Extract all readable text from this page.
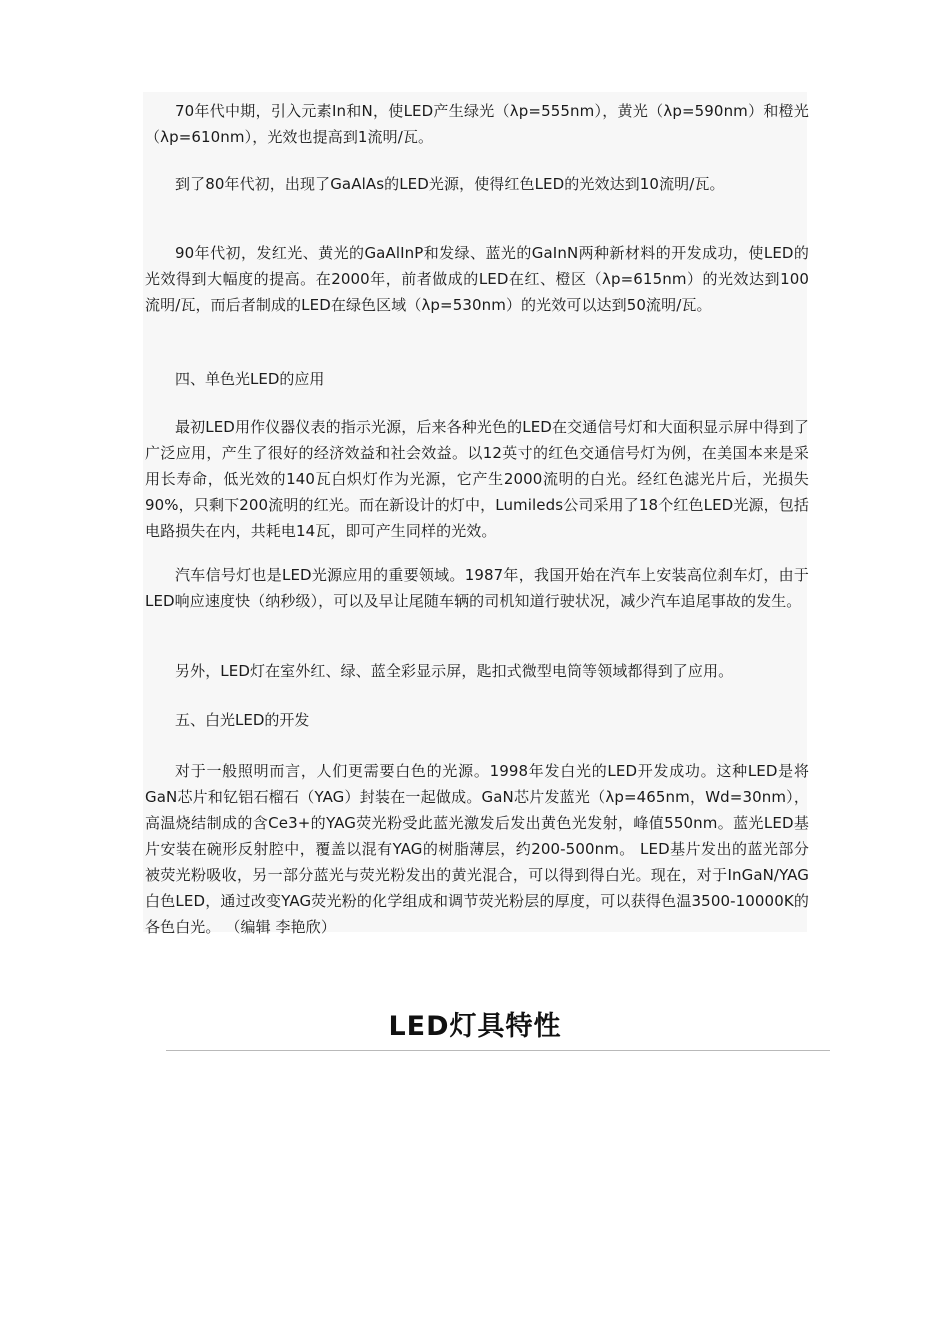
70年代中期，引入元素In和N，使LED产生绿光（λp=555nm），黄光（λp=590nm）和橙光（λp=610nm），光效也提高到1流明/瓦。

到了80年代初，出现了GaAlAs的LED光源，使得红色LED的光效达到10流明/瓦。

90年代初，发红光、黄光的GaAlInP和发绿、蓝光的GaInN两种新材料的开发成功，使LED的光效得到大幅度的提高。在2000年，前者做成的LED在红、橙区（λp=615nm）的光效达到100流明/瓦，而后者制成的LED在绿色区域（λp=530nm）的光效可以达到50流明/瓦。

四、单色光LED的应用

最初LED用作仪器仪表的指示光源，后来各种光色的LED在交通信号灯和大面积显示屏中得到了广泛应用，产生了很好的经济效益和社会效益。以12英寸的红色交通信号灯为例，在美国本来是采用长寿命，低光效的140瓦白炽灯作为光源，它产生2000流明的白光。经红色滤光片后，光损失90%，只剩下200流明的红光。而在新设计的灯中，Lumileds公司采用了18个红色LED光源，包括电路损失在内，共耗电14瓦，即可产生同样的光效。

汽车信号灯也是LED光源应用的重要领域。1987年，我国开始在汽车上安装高位刹车灯，由于LED响应速度快（纳秒级），可以及早让尾随车辆的司机知道行驶状况，减少汽车追尾事故的发生。

另外，LED灯在室外红、绿、蓝全彩显示屏，匙扣式微型电筒等领域都得到了应用。

五、白光LED的开发

对于一般照明而言，人们更需要白色的光源。1998年发白光的LED开发成功。这种LED是将GaN芯片和钇铝石榴石（YAG）封装在一起做成。GaN芯片发蓝光（λp=465nm，Wd=30nm），高温烧结制成的含Ce3+的YAG荧光粉受此蓝光激发后发出黄色光发射，峰值550nm。蓝光LED基片安装在碗形反射腔中，覆盖以混有YAG的树脂薄层，约200-500nm。 LED基片发出的蓝光部分被荧光粉吸收，另一部分蓝光与荧光粉发出的黄光混合，可以得到得白光。现在，对于InGaN/YAG白色LED，通过改变YAG荧光粉的化学组成和调节荧光粉层的厚度，可以获得色温3500-10000K的各色白光。 （编辑 李艳欣）

LED灯具特性
